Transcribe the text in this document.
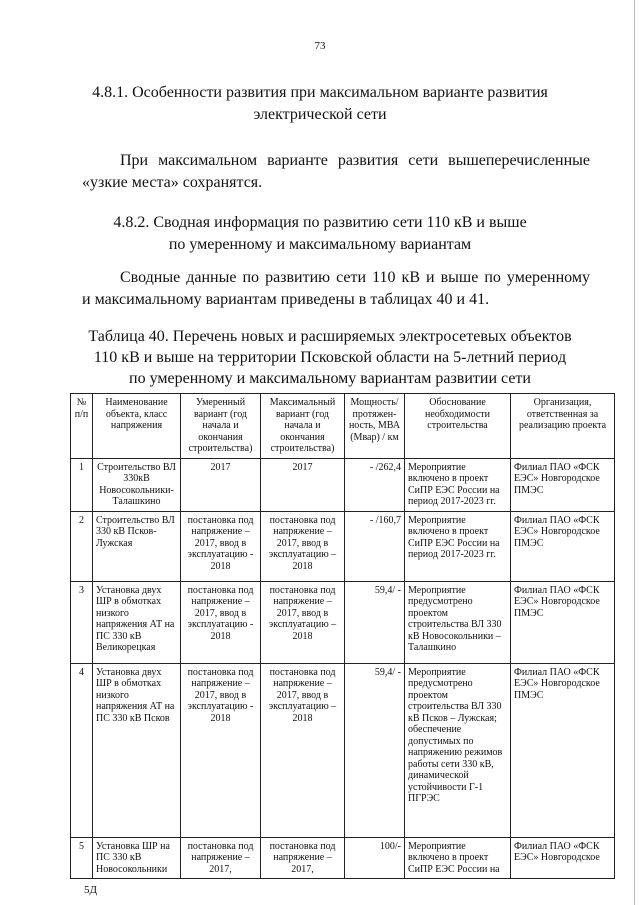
73
4.8.1. Особенности развития при максимальном варианте развития
электрической сети
При максимальном варианте развития сети вышеперечисленные
«узкие места» сохранятся.
4.8.2. Сводная информация по развитию сети 110 кВ и выше
по умеренному и максимальному вариантам
Сводные данные по развитию сети 110 кВ и выше по умеренному
и максимальному вариантам приведены в таблицах 40 и 41.
Таблица 40. Перечень новых и расширяемых электросетевых объектов
110 кВ и выше на территории Псковской области на 5-летний период
по умеренному и максимальному вариантам развитии сети
№ п/п	Наименование объекта, класс напряжения	Умеренный вариант (год начала и окончания строительства)	Максимальный вариант (год начала и окончания строительства)	Мощность/ протяжен- ность, МВА (Мвар) / км	Обоснование необходимости строительства	Организация, ответственная за реализацию проекта
1	Строительство ВЛ 330кВ Новосокольники-Талашкино	2017	2017	- /262,4	Мероприятие включено в проект СиПР ЕЭС России на период 2017-2023 гг.	Филиал ПАО «ФСК ЕЭС» Новгородское ПМЭС
2	Строительство ВЛ 330 кВ Псков-Лужская	постановка под напряжение – 2017, ввод в эксплуатацию - 2018	постановка под напряжение – 2017, ввод в эксплуатацию – 2018	- /160,7	Мероприятие включено в проект СиПР ЕЭС России на период 2017-2023 гг.	Филиал ПАО «ФСК ЕЭС» Новгородское ПМЭС
3	Установка двух ШР в обмотках низкого напряжения АТ на ПС 330 кВ Великорецкая	постановка под напряжение – 2017, ввод в эксплуатацию - 2018	постановка под напряжение – 2017, ввод в эксплуатацию – 2018	59,4/ -	Мероприятие предусмотрено проектом строительства ВЛ 330 кВ Новосокольники – Талашкино	Филиал ПАО «ФСК ЕЭС» Новгородское ПМЭС
4	Установка двух ШР в обмотках низкого напряжения АТ на ПС 330 кВ Псков	постановка под напряжение – 2017, ввод в эксплуатацию - 2018	постановка под напряжение – 2017, ввод в эксплуатацию – 2018	59,4/ -	Мероприятие предусмотрено проектом строительства ВЛ 330 кВ Псков – Лужская; обеспечение допустимых по напряжению режимов работы сети 330 кВ, динамической устойчивости Г-1 ПГРЭС	Филиал ПАО «ФСК ЕЭС» Новгородское ПМЭС
5	Установка ШР на ПС 330 кВ Новосокольники	постановка под напряжение – 2017,	постановка под напряжение – 2017,	100/-	Мероприятие включено в проект СиПР ЕЭС России на	Филиал ПАО «ФСК ЕЭС» Новгородское
5Д
